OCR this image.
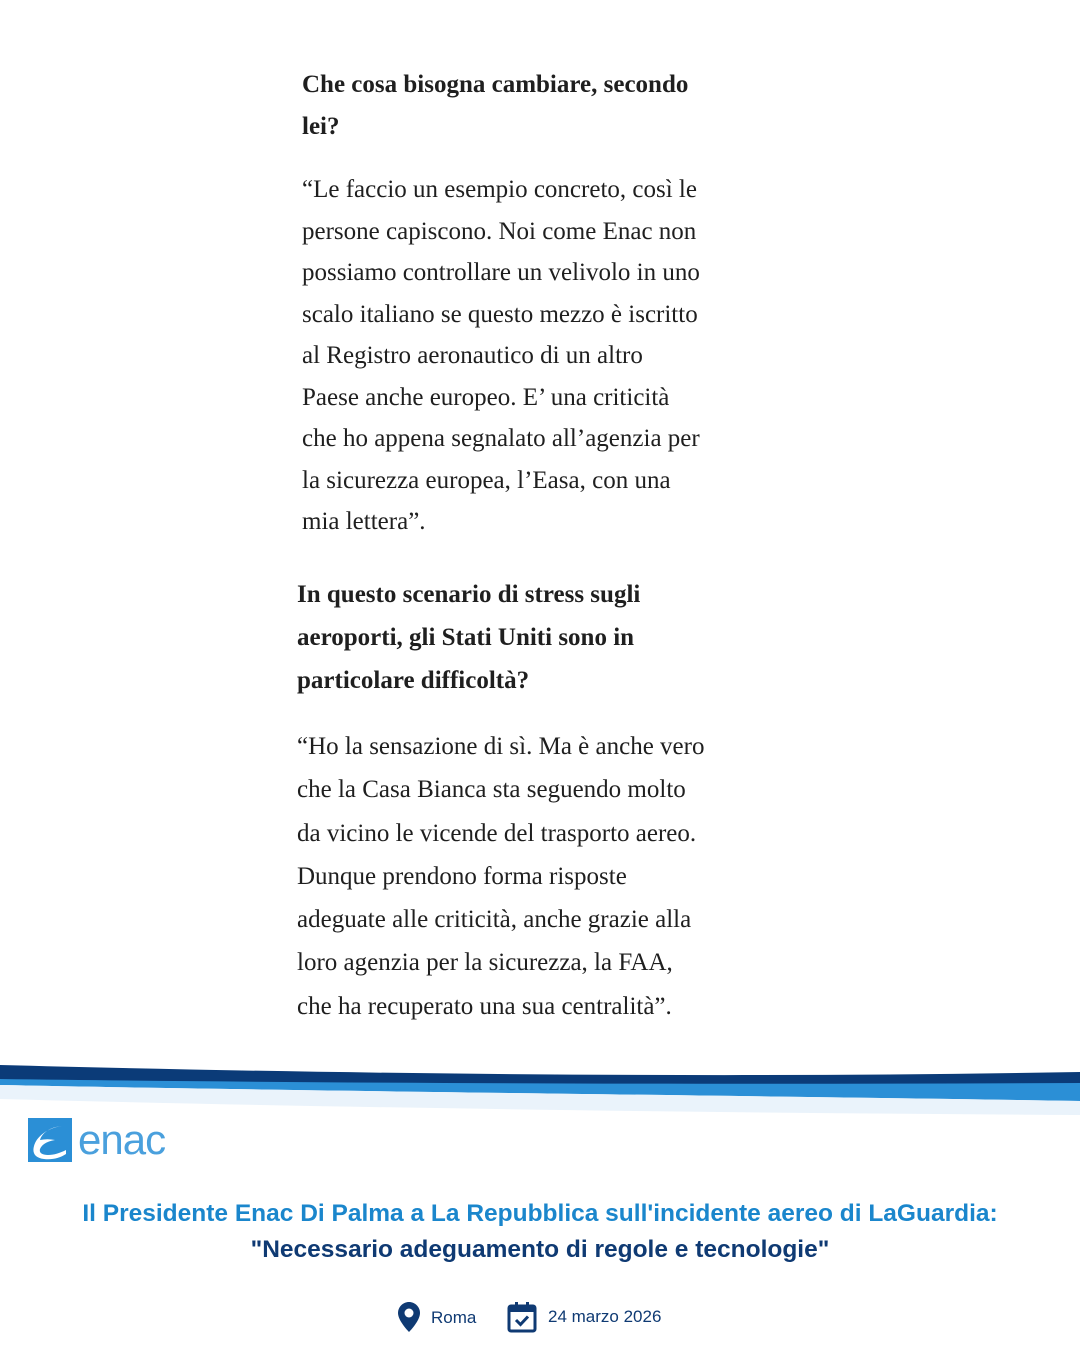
Che cosa bisogna cambiare, secondo
lei?

“Le faccio un esempio concreto, così le
persone capiscono. Noi come Enac non
possiamo controllare un velivolo in uno
scalo italiano se questo mezzo è iscritto
al Registro aeronautico di un altro
Paese anche europeo. E’ una criticità
che ho appena segnalato all’agenzia per
la sicurezza europea, l’Easa, con una
mia lettera”.

In questo scenario di stress sugli
aeroporti, gli Stati Uniti sono in
particolare difficoltà?

“Ho la sensazione di sì. Ma è anche vero
che la Casa Bianca sta seguendo molto
da vicino le vicende del trasporto aereo.
Dunque prendono forma risposte
adeguate alle criticità, anche grazie alla
loro agenzia per la sicurezza, la FAA,
che ha recuperato una sua centralità”.

enac
Il Presidente Enac Di Palma a La Repubblica sull'incidente aereo di LaGuardia:
"Necessario adeguamento di regole e tecnologie"
Roma	24 marzo 2026
